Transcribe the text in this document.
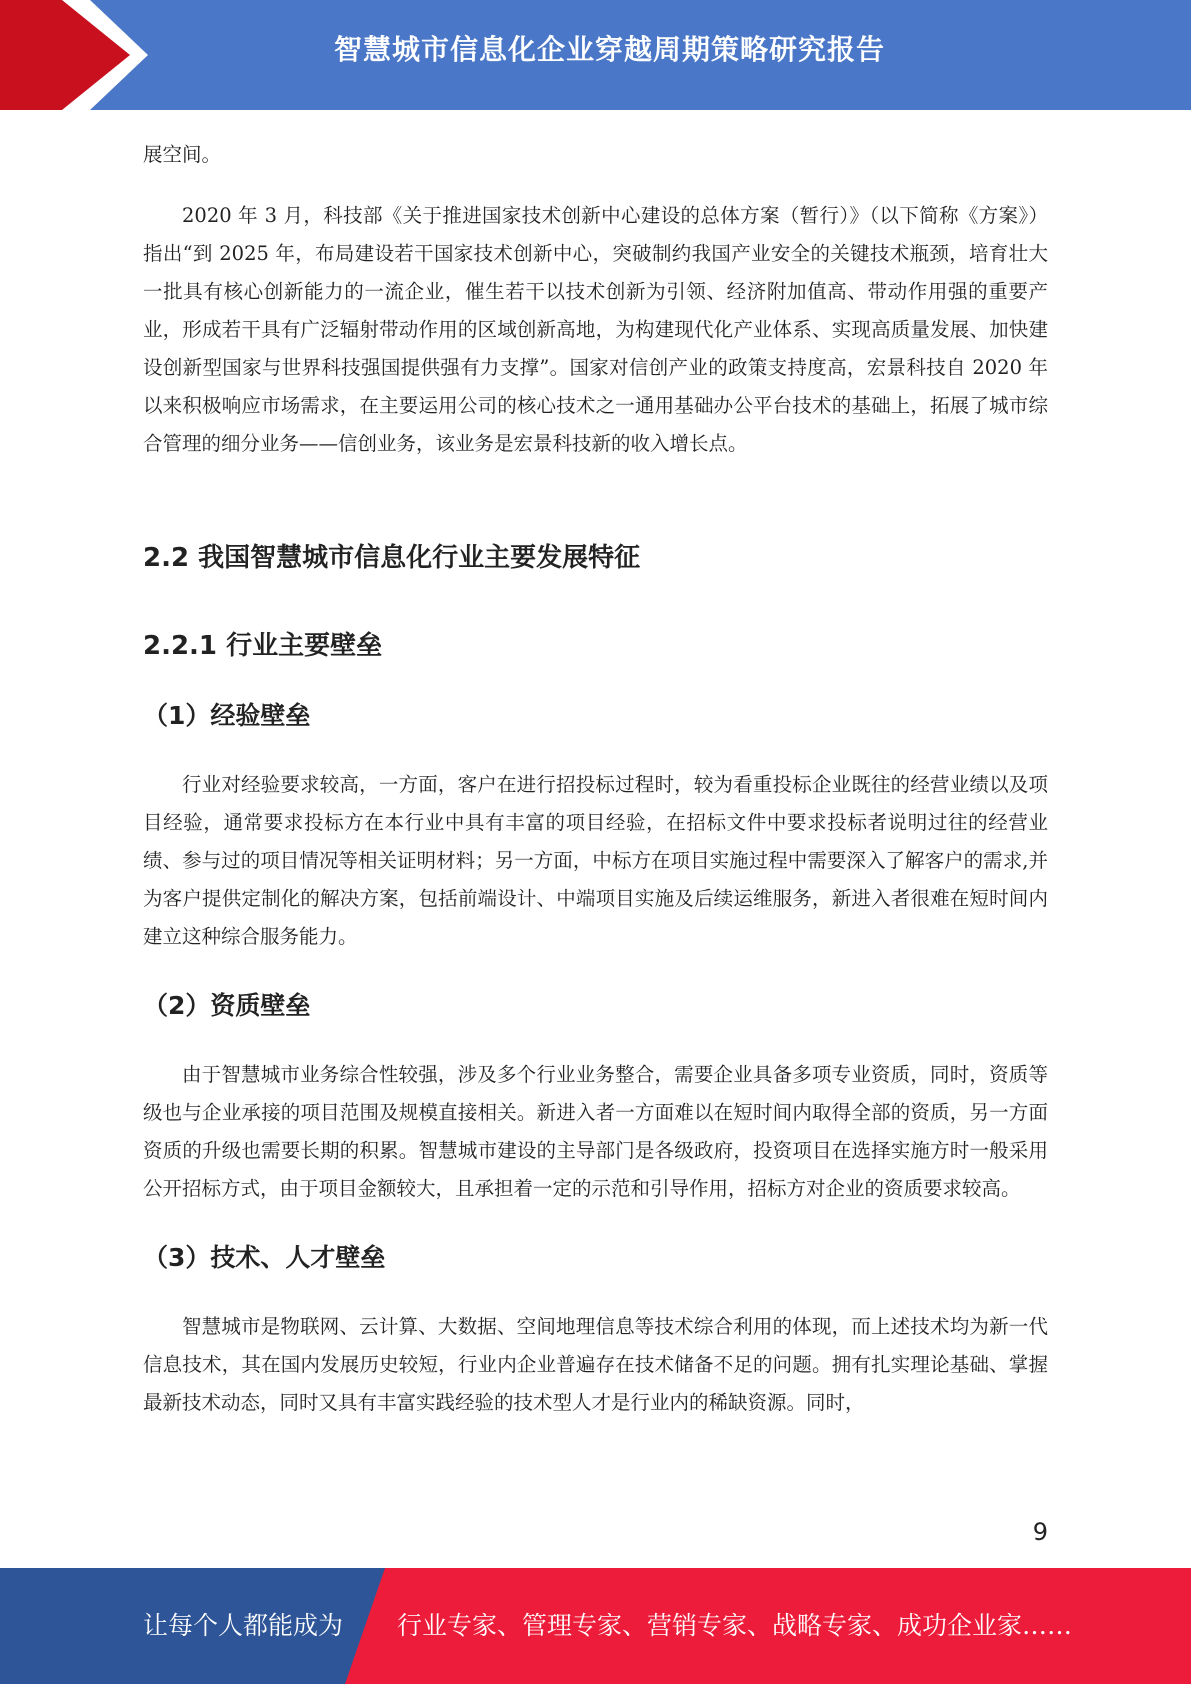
智慧城市信息化企业穿越周期策略研究报告

展空间。

2020 年 3 月，科技部《关于推进国家技术创新中心建设的总体方案（暂行）》（以下简称《方案》）指出“到 2025 年，布局建设若干国家技术创新中心，突破制约我国产业安全的关键技术瓶颈，培育壮大一批具有核心创新能力的一流企业，催生若干以技术创新为引领、经济附加值高、带动作用强的重要产业，形成若干具有广泛辐射带动作用的区域创新高地，为构建现代化产业体系、实现高质量发展、加快建设创新型国家与世界科技强国提供强有力支撑”。国家对信创产业的政策支持度高，宏景科技自 2020 年以来积极响应市场需求，在主要运用公司的核心技术之一通用基础办公平台技术的基础上，拓展了城市综合管理的细分业务——信创业务，该业务是宏景科技新的收入增长点。

2.2 我国智慧城市信息化行业主要发展特征
2.2.1 行业主要壁垒
（1）经验壁垒

行业对经验要求较高，一方面，客户在进行招投标过程时，较为看重投标企业既往的经营业绩以及项目经验，通常要求投标方在本行业中具有丰富的项目经验，在招标文件中要求投标者说明过往的经营业绩、参与过的项目情况等相关证明材料；另一方面，中标方在项目实施过程中需要深入了解客户的需求,并为客户提供定制化的解决方案，包括前端设计、中端项目实施及后续运维服务，新进入者很难在短时间内建立这种综合服务能力。

（2）资质壁垒

由于智慧城市业务综合性较强，涉及多个行业业务整合，需要企业具备多项专业资质，同时，资质等级也与企业承接的项目范围及规模直接相关。新进入者一方面难以在短时间内取得全部的资质，另一方面资质的升级也需要长期的积累。智慧城市建设的主导部门是各级政府，投资项目在选择实施方时一般采用公开招标方式，由于项目金额较大，且承担着一定的示范和引导作用，招标方对企业的资质要求较高。

（3）技术、人才壁垒

智慧城市是物联网、云计算、大数据、空间地理信息等技术综合利用的体现，而上述技术均为新一代信息技术，其在国内发展历史较短，行业内企业普遍存在技术储备不足的问题。拥有扎实理论基础、掌握最新技术动态，同时又具有丰富实践经验的技术型人才是行业内的稀缺资源。同时，

9
让每个人都能成为 行业专家、管理专家、营销专家、战略专家、成功企业家……
